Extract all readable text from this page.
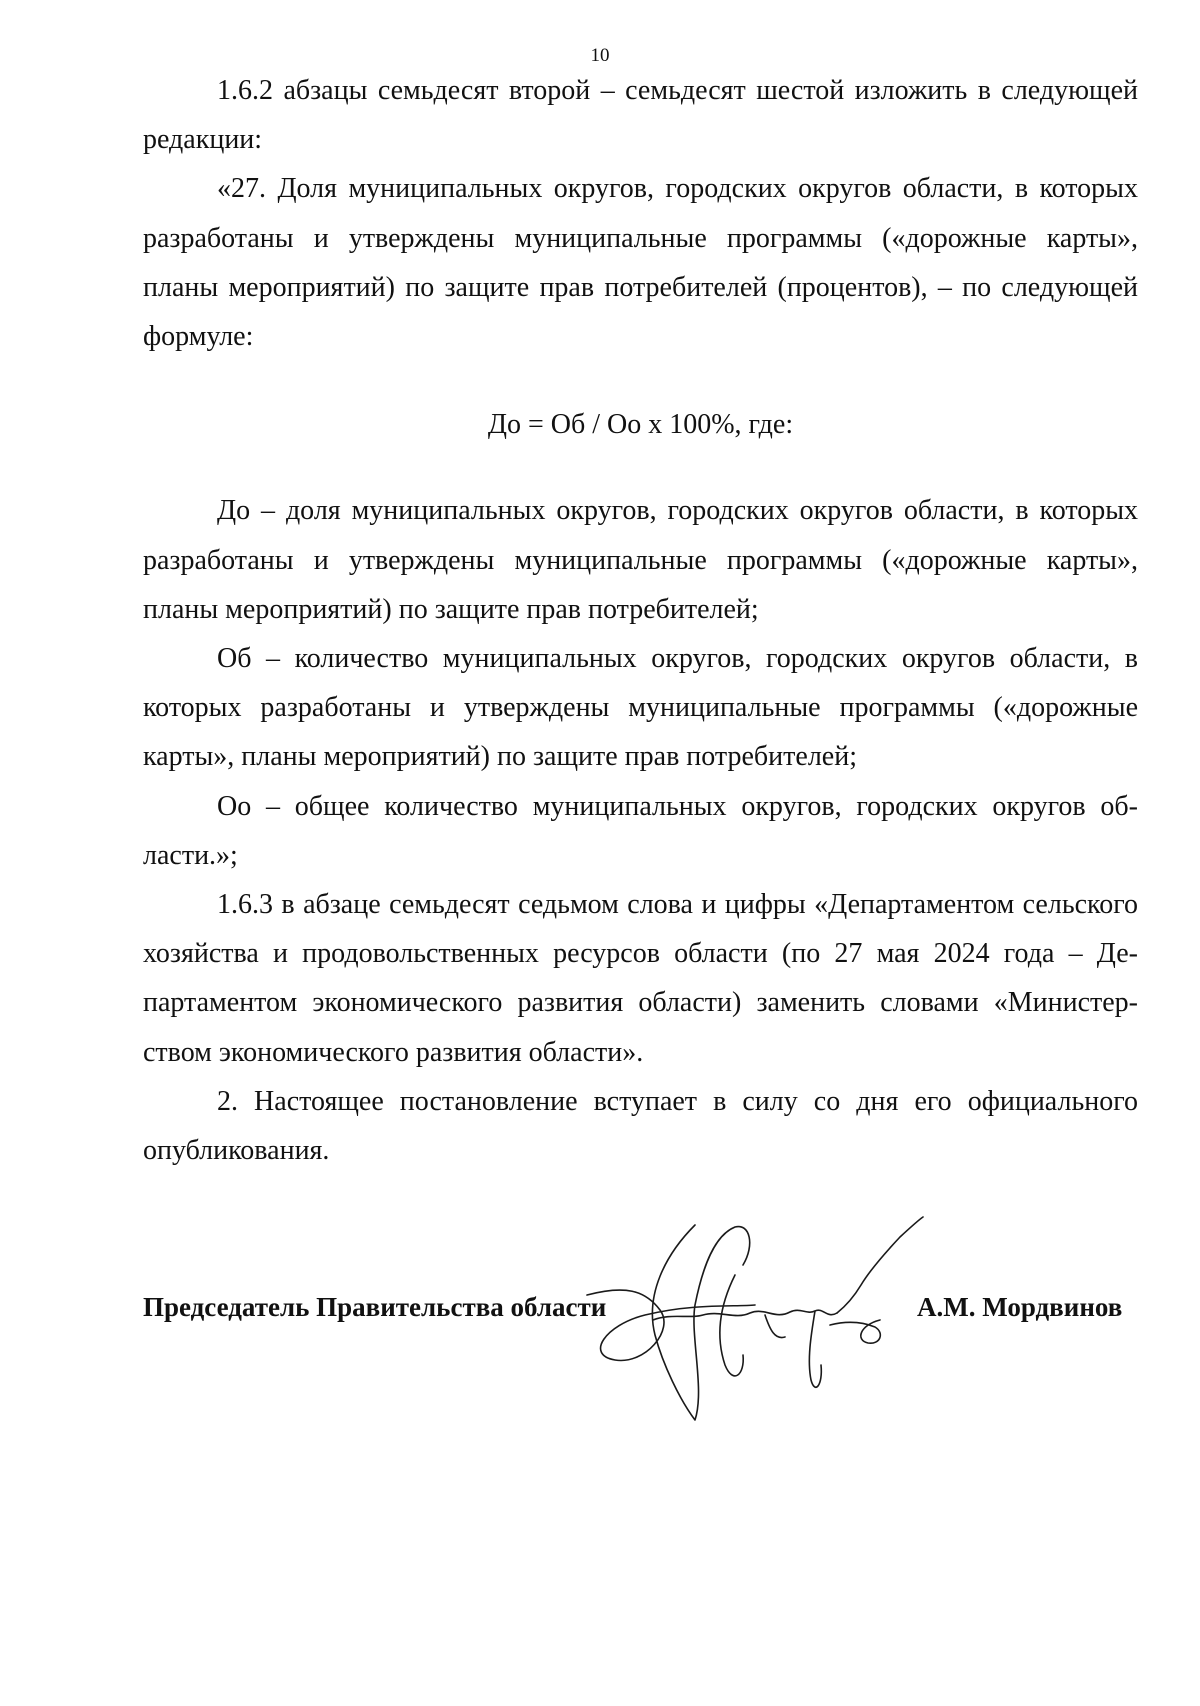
10

1.6.2 абзацы семьдесят второй – семьдесят шестой изложить в следующей редакции:

«27. Доля муниципальных округов, городских округов области, в которых разработаны и утверждены муниципальные программы («дорожные карты», планы мероприятий) по защите прав потребителей (процентов), – по следующей формуле:

До = Об / Оо х 100%, где:

До – доля муниципальных округов, городских округов области, в которых разработаны и утверждены муниципальные программы («дорожные карты», планы мероприятий) по защите прав потребителей;

Об – количество муниципальных округов, городских округов области, в которых разработаны и утверждены муниципальные программы («дорожные карты», планы мероприятий) по защите прав потребителей;

Оо – общее количество муниципальных округов, городских округов области.»;

1.6.3 в абзаце семьдесят седьмом слова и цифры «Департаментом сельского хозяйства и продовольственных ресурсов области (по 27 мая 2024 года – Департаментом экономического развития области) заменить словами «Министерством экономического развития области».

2. Настоящее постановление вступает в силу со дня его официального опубликования.

Председатель Правительства области	А.М. Мордвинов
